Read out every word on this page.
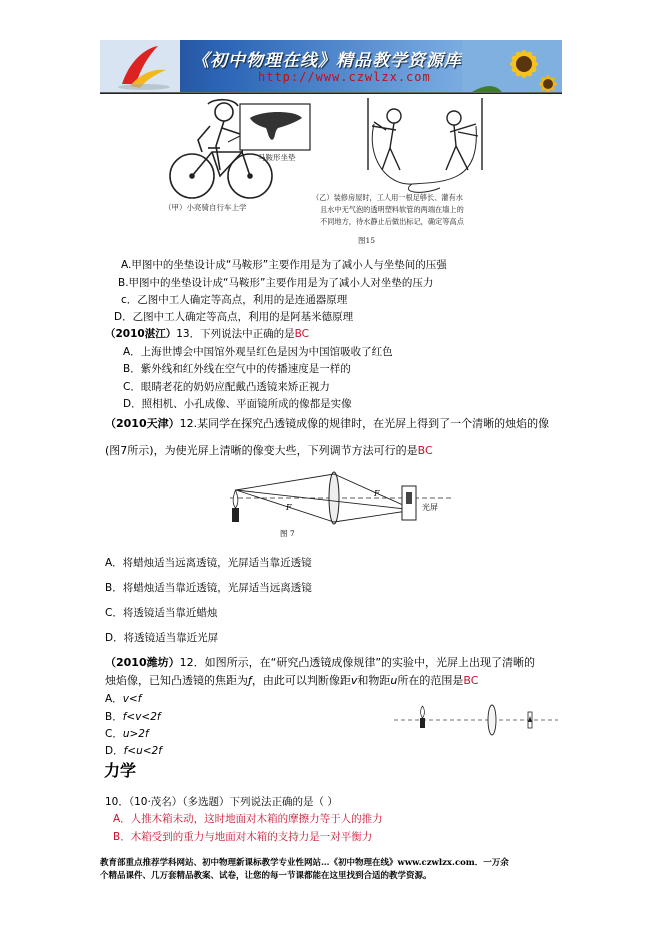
《初中物理在线》精品教学资源库
http://www.czwlzx.com
马鞍形坐垫
（甲）小亮骑自行车上学
（乙）装修房屋时，工人用一根足够长、灌有水
且水中无气泡的透明塑料软管的两端在墙上的
不同地方，待水静止后做出标记，确定等高点
图15
A.甲图中的坐垫设计成“马鞍形”主要作用是为了减小人与坐垫间的压强
B.甲图中的坐垫设计成“马鞍形”主要作用是为了减小人对坐垫的压力
c．乙图中工人确定等高点，利用的是连通器原理
D．乙图中工人确定等高点，利用的是阿基米德原理
（2010湛江）13．下列说法中正确的是BC
A．上海世博会中国馆外观呈红色是因为中国馆吸收了红色
B．紫外线和红外线在空气中的传播速度是一样的
C．眼睛老花的奶奶应配戴凸透镜来矫正视力
D．照相机、小孔成像、平面镜所成的像都是实像
（2010天津）12.某同学在探究凸透镜成像的规律时，在光屏上得到了一个清晰的烛焰的像
(图7所示)，为使光屏上清晰的像变大些，下列调节方法可行的是BC
F
F	光屏
图 7
A．将蜡烛适当远离透镜，光屏适当靠近透镜
B．将蜡烛适当靠近透镜，光屏适当远离透镜
C．将透镜适当靠近蜡烛
D．将透镜适当靠近光屏
（2010潍坊）12．如图所示，在“研究凸透镜成像规律”的实验中，光屏上出现了清晰的
烛焰像，已知凸透镜的焦距为ƒ，由此可以判断像距v和物距u所在的范围是BC
A．v<f
B．f<v<2f
C．u>2f
D．f<u<2f
力学
10．（10·茂名）（多选题）下列说法正确的是（ ）
A．人推木箱未动，这时地面对木箱的摩擦力等于人的推力
B．木箱受到的重力与地面对木箱的支持力是一对平衡力
教育部重点推荐学科网站、初中物理新课标教学专业性网站…《初中物理在线》www.czwlzx.com．一万余
个精品课件、几万套精品教案、试卷，让您的每一节课都能在这里找到合适的教学资源。
